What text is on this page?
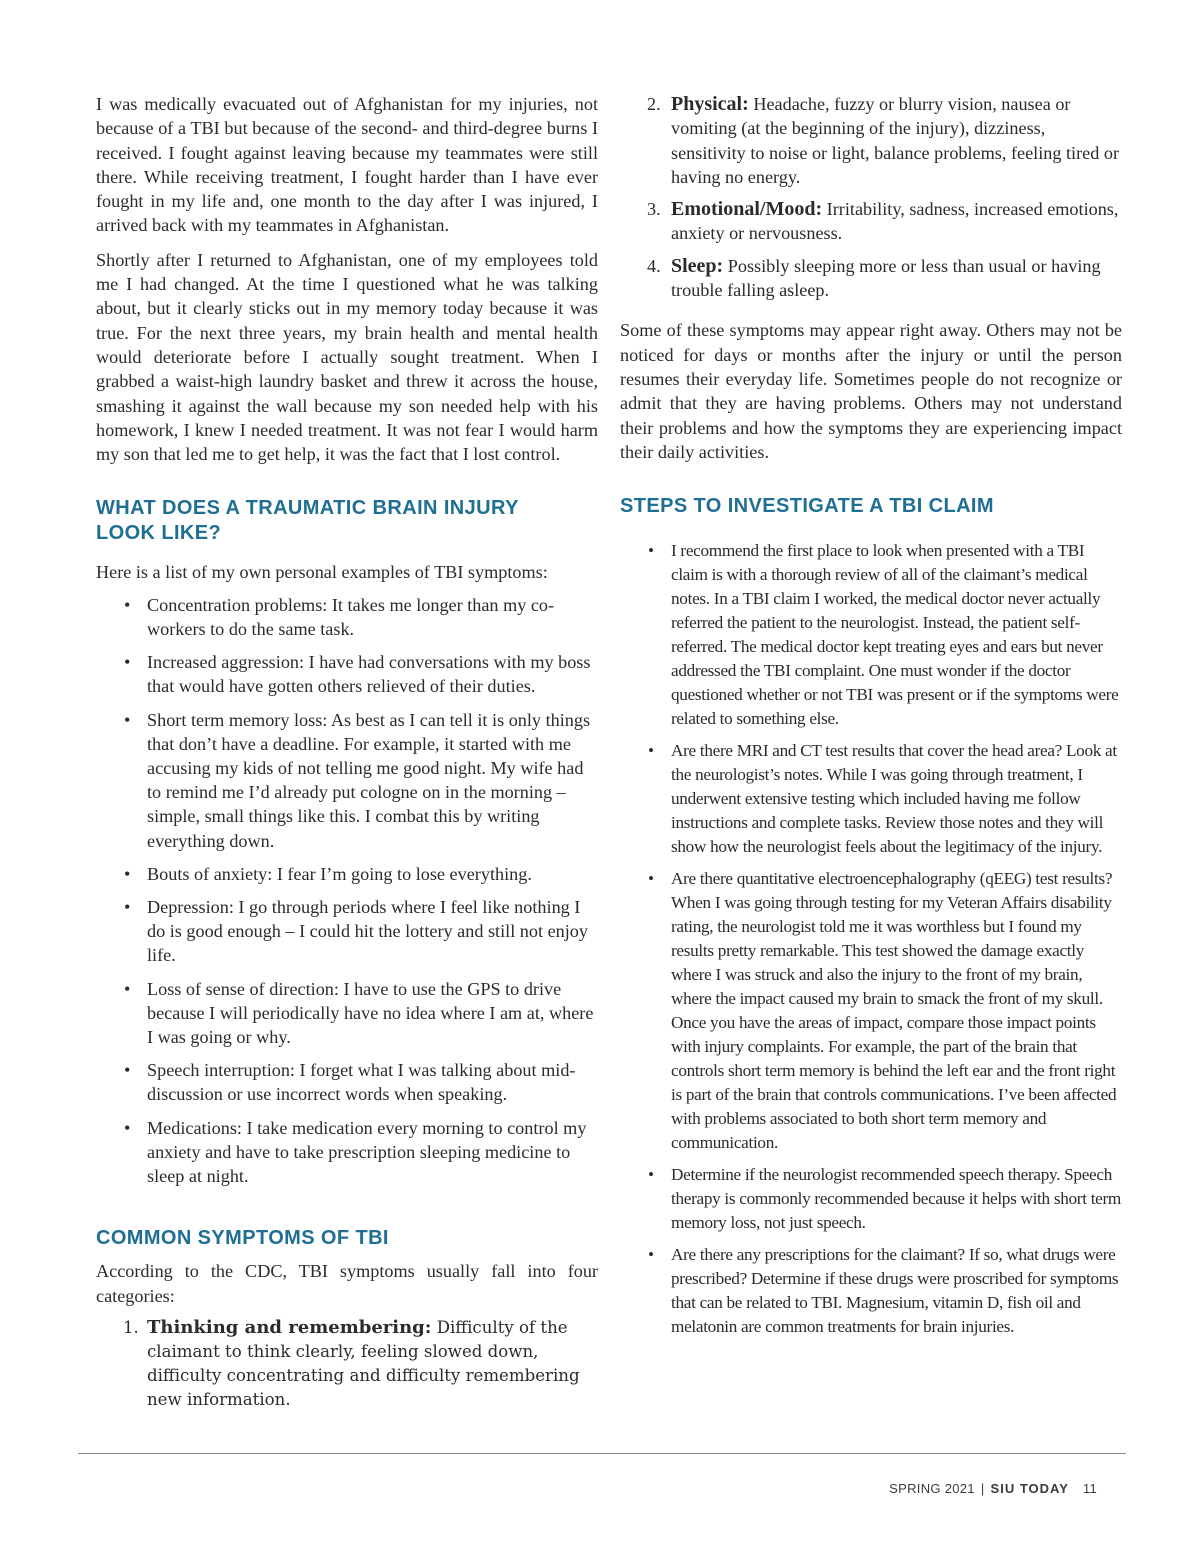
I was medically evacuated out of Afghanistan for my injuries, not because of a TBI but because of the second- and third-degree burns I received. I fought against leaving because my teammates were still there. While receiving treatment, I fought harder than I have ever fought in my life and, one month to the day after I was injured, I arrived back with my teammates in Afghanistan.

Shortly after I returned to Afghanistan, one of my employees told me I had changed. At the time I questioned what he was talking about, but it clearly sticks out in my memory today because it was true. For the next three years, my brain health and mental health would deteriorate before I actually sought treatment. When I grabbed a waist-high laundry basket and threw it across the house, smashing it against the wall because my son needed help with his homework, I knew I needed treatment. It was not fear I would harm my son that led me to get help, it was the fact that I lost control.

WHAT DOES A TRAUMATIC BRAIN INJURY LOOK LIKE?

Here is a list of my own personal examples of TBI symptoms:

• Concentration problems: It takes me longer than my co-workers to do the same task.
• Increased aggression: I have had conversations with my boss that would have gotten others relieved of their duties.
• Short term memory loss: As best as I can tell it is only things that don’t have a deadline. For example, it started with me accusing my kids of not telling me good night. My wife had to remind me I’d already put cologne on in the morning – simple, small things like this. I combat this by writing everything down.
• Bouts of anxiety: I fear I’m going to lose everything.
• Depression: I go through periods where I feel like nothing I do is good enough – I could hit the lottery and still not enjoy life.
• Loss of sense of direction: I have to use the GPS to drive because I will periodically have no idea where I am at, where I was going or why.
• Speech interruption: I forget what I was talking about mid-discussion or use incorrect words when speaking.
• Medications: I take medication every morning to control my anxiety and have to take prescription sleeping medicine to sleep at night.
COMMON SYMPTOMS OF TBI

According to the CDC, TBI symptoms usually fall into four categories:

1. Thinking and remembering: Difficulty of the claimant to think clearly, feeling slowed down, difficulty concentrating and difficulty remembering new information.
2. Physical: Headache, fuzzy or blurry vision, nausea or vomiting (at the beginning of the injury), dizziness, sensitivity to noise or light, balance problems, feeling tired or having no energy.
3. Emotional/Mood: Irritability, sadness, increased emotions, anxiety or nervousness.
4. Sleep: Possibly sleeping more or less than usual or having trouble falling asleep.

Some of these symptoms may appear right away. Others may not be noticed for days or months after the injury or until the person resumes their everyday life. Sometimes people do not recognize or admit that they are having problems. Others may not understand their problems and how the symptoms they are experiencing impact their daily activities.

STEPS TO INVESTIGATE A TBI CLAIM
• I recommend the first place to look when presented with a TBI claim is with a thorough review of all of the claimant’s medical notes. In a TBI claim I worked, the medical doctor never actually referred the patient to the neurologist. Instead, the patient self-referred. The medical doctor kept treating eyes and ears but never addressed the TBI complaint. One must wonder if the doctor questioned whether or not TBI was present or if the symptoms were related to something else.
• Are there MRI and CT test results that cover the head area? Look at the neurologist’s notes. While I was going through treatment, I underwent extensive testing which included having me follow instructions and complete tasks. Review those notes and they will show how the neurologist feels about the legitimacy of the injury.
• Are there quantitative electroencephalography (qEEG) test results? When I was going through testing for my Veteran Affairs disability rating, the neurologist told me it was worthless but I found my results pretty remarkable. This test showed the damage exactly where I was struck and also the injury to the front of my brain, where the impact caused my brain to smack the front of my skull. Once you have the areas of impact, compare those impact points with injury complaints. For example, the part of the brain that controls short term memory is behind the left ear and the front right is part of the brain that controls communications. I’ve been affected with problems associated to both short term memory and communication.
• Determine if the neurologist recommended speech therapy. Speech therapy is commonly recommended because it helps with short term memory loss, not just speech.
• Are there any prescriptions for the claimant? If so, what drugs were prescribed? Determine if these drugs were proscribed for symptoms that can be related to TBI. Magnesium, vitamin D, fish oil and melatonin are common treatments for brain injuries.
SPRING 2021 | SIU TODAY 11
